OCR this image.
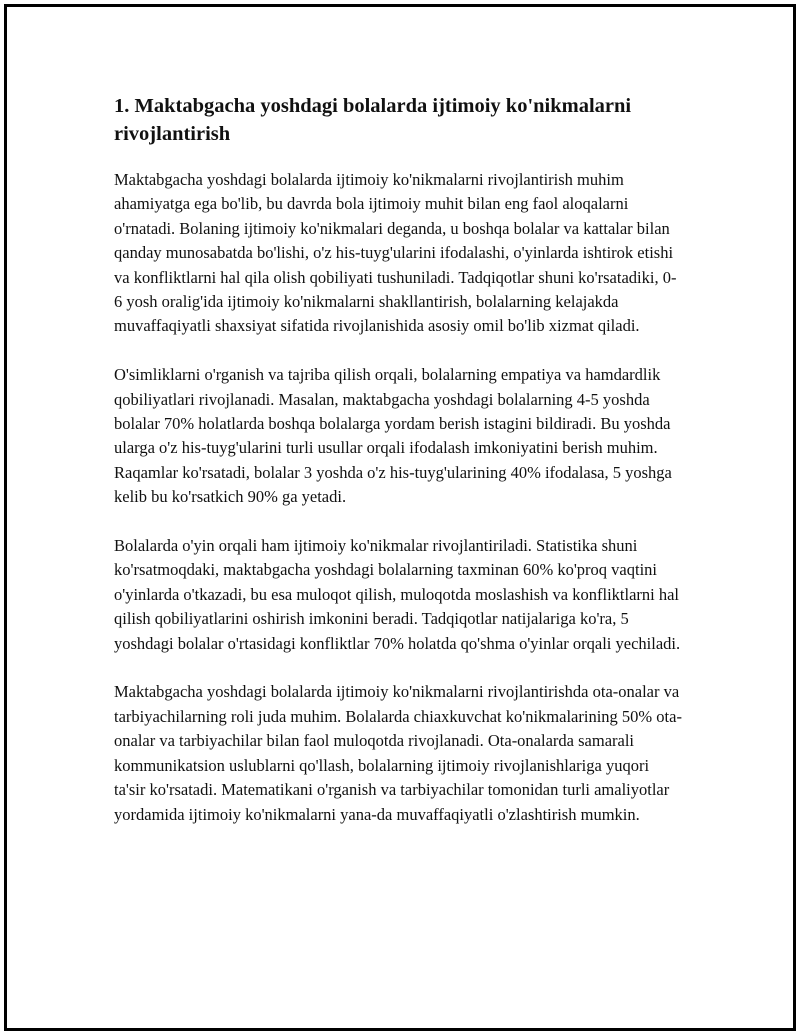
1. Maktabgacha yoshdagi bolalarda ijtimoiy ko'nikmalarni rivojlantirish

Maktabgacha yoshdagi bolalarda ijtimoiy ko'nikmalarni rivojlantirish muhim ahamiyatga ega bo'lib, bu davrda bola ijtimoiy muhit bilan eng faol aloqalarni o'rnatadi. Bolaning ijtimoiy ko'nikmalari deganda, u boshqa bolalar va kattalar bilan qanday munosabatda bo'lishi, o'z his-tuyg'ularini ifodalashi, o'yinlarda ishtirok etishi va konfliktlarni hal qila olish qobiliyati tushuniladi. Tadqiqotlar shuni ko'rsatadiki, 0-6 yosh oralig'ida ijtimoiy ko'nikmalarni shakllantirish, bolalarning kelajakda muvaffaqiyatli shaxsiyat sifatida rivojlanishida asosiy omil bo'lib xizmat qiladi.

O'simliklarni o'rganish va tajriba qilish orqali, bolalarning empatiya va hamdardlik qobiliyatlari rivojlanadi. Masalan, maktabgacha yoshdagi bolalarning 4-5 yoshda bolalar 70% holatlarda boshqa bolalarga yordam berish istagini bildiradi. Bu yoshda ularga o'z his-tuyg'ularini turli usullar orqali ifodalash imkoniyatini berish muhim. Raqamlar ko'rsatadi, bolalar 3 yoshda o'z his-tuyg'ularining 40% ifodalasa, 5 yoshga kelib bu ko'rsatkich 90% ga yetadi.

Bolalarda o'yin orqali ham ijtimoiy ko'nikmalar rivojlantiriladi. Statistika shuni ko'rsatmoqdaki, maktabgacha yoshdagi bolalarning taxminan 60% ko'proq vaqtini o'yinlarda o'tkazadi, bu esa muloqot qilish, muloqotda moslashish va konfliktlarni hal qilish qobiliyatlarini oshirish imkonini beradi. Tadqiqotlar natijalariga ko'ra, 5 yoshdagi bolalar o'rtasidagi konfliktlar 70% holatda qo'shma o'yinlar orqali yechiladi.

Maktabgacha yoshdagi bolalarda ijtimoiy ko'nikmalarni rivojlantirishda ota-onalar va tarbiyachilarning roli juda muhim. Bolalarda chiaxkuvchat ko'nikmalarining 50% ota-onalar va tarbiyachilar bilan faol muloqotda rivojlanadi. Ota-onalarda samarali kommunikatsion uslublarni qo'llash, bolalarning ijtimoiy rivojlanishlariga yuqori ta'sir ko'rsatadi. Matematikani o'rganish va tarbiyachilar tomonidan turli amaliyotlar yordamida ijtimoiy ko'nikmalarni yana-da muvaffaqiyatli o'zlashtirish mumkin.
